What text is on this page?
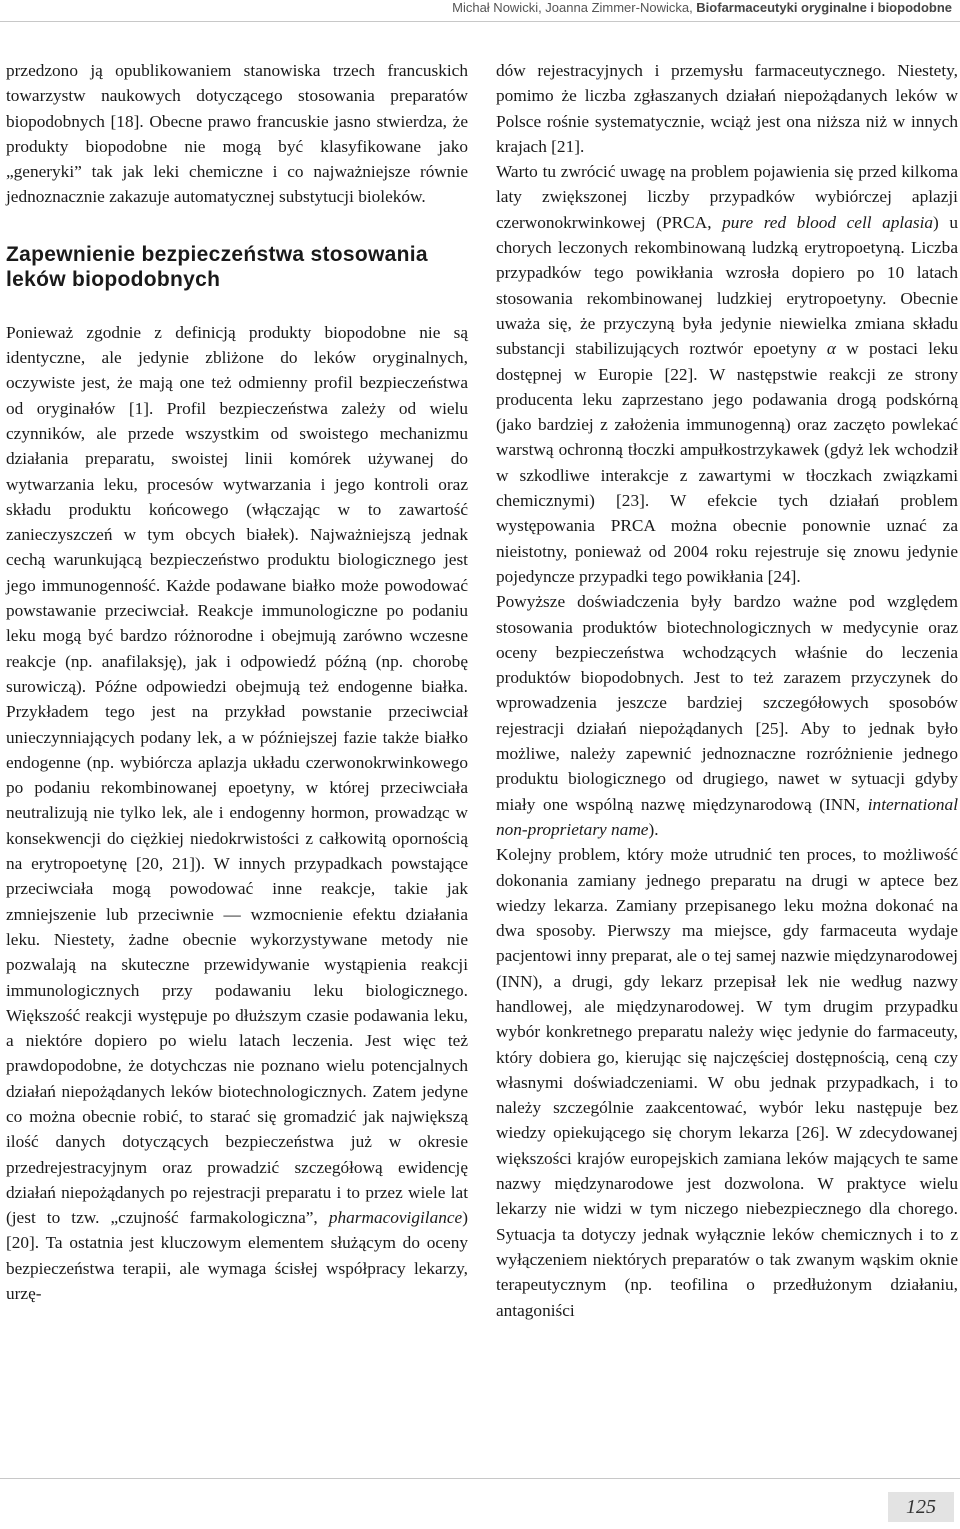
Michał Nowicki, Joanna Zimmer-Nowicka, Biofarmaceutyki oryginalne i biopodobne

przedzono ją opublikowaniem stanowiska trzech francuskich towarzystw naukowych dotyczącego stosowania preparatów biopodobnych [18]. Obecne prawo francuskie jasno stwierdza, że produkty biopodobne nie mogą być klasyfikowane jako „generyki” tak jak leki chemiczne i co najważniejsze równie jednoznacznie zakazuje automatycznej substytucji bioleków.

Zapewnienie bezpieczeństwa stosowania leków biopodobnych

Ponieważ zgodnie z definicją produkty biopodobne nie są identyczne, ale jedynie zbliżone do leków oryginalnych, oczywiste jest, że mają one też odmienny profil bezpieczeństwa od oryginałów [1]. Profil bezpieczeństwa zależy od wielu czynników, ale przede wszystkim od swoistego mechanizmu działania preparatu, swoistej linii komórek używanej do wytwarzania leku, procesów wytwarzania i jego kontroli oraz składu produktu końcowego (włączając w to zawartość zanieczyszczeń w tym obcych białek). Najważniejszą jednak cechą warunkującą bezpieczeństwo produktu biologicznego jest jego immunogenność. Każde podawane białko może powodować powstawanie przeciwciał. Reakcje immunologiczne po podaniu leku mogą być bardzo różnorodne i obejmują zarówno wczesne reakcje (np. anafilaksję), jak i odpowiedź późną (np. chorobę surowiczą). Późne odpowiedzi obejmują też endogenne białka. Przykładem tego jest na przykład powstanie przeciwciał unieczynniających podany lek, a w późniejszej fazie także białko endogenne (np. wybiórcza aplazja układu czerwonokrwinkowego po podaniu rekombinowanej epoetyny, w której przeciwciała neutralizują nie tylko lek, ale i endogenny hormon, prowadząc w konsekwencji do ciężkiej niedokrwistości z całkowitą opornością na erytropoetynę [20, 21]). W innych przypadkach powstające przeciwciała mogą powodować inne reakcje, takie jak zmniejszenie lub przeciwnie — wzmocnienie efektu działania leku. Niestety, żadne obecnie wykorzystywane metody nie pozwalają na skuteczne przewidywanie wystąpienia reakcji immunologicznych przy podawaniu leku biologicznego. Większość reakcji występuje po dłuższym czasie podawania leku, a niektóre dopiero po wielu latach leczenia. Jest więc też prawdopodobne, że dotychczas nie poznano wielu potencjalnych działań niepożądanych leków biotechnologicznych. Zatem jedyne co można obecnie robić, to starać się gromadzić jak największą ilość danych dotyczących bezpieczeństwa już w okresie przedrejestracyjnym oraz prowadzić szczegółową ewidencję działań niepożądanych po rejestracji preparatu i to przez wiele lat (jest to tzw. „czujność farmakologiczna”, pharmacovigilance) [20]. Ta ostatnia jest kluczowym elementem służącym do oceny bezpieczeństwa terapii, ale wymaga ścisłej współpracy lekarzy, urzę-

dów rejestracyjnych i przemysłu farmaceutycznego. Niestety, pomimo że liczba zgłaszanych działań niepożądanych leków w Polsce rośnie systematycznie, wciąż jest ona niższa niż w innych krajach [21].

Warto tu zwrócić uwagę na problem pojawienia się przed kilkoma laty zwiększonej liczby przypadków wybiórczej aplazji czerwonokrwinkowej (PRCA, pure red blood cell aplasia) u chorych leczonych rekombinowaną ludzką erytropoetyną. Liczba przypadków tego powikłania wzrosła dopiero po 10 latach stosowania rekombinowanej ludzkiej erytropoetyny. Obecnie uważa się, że przyczyną była jedynie niewielka zmiana składu substancji stabilizujących roztwór epoetyny α w postaci leku dostępnej w Europie [22]. W następstwie reakcji ze strony producenta leku zaprzestano jego podawania drogą podskórną (jako bardziej z założenia immunogenną) oraz zaczęto powlekać warstwą ochronną tłoczki ampułkostrzykawek (gdyż lek wchodził w szkodliwe interakcje z zawartymi w tłoczkach związkami chemicznymi) [23]. W efekcie tych działań problem występowania PRCA można obecnie ponownie uznać za nieistotny, ponieważ od 2004 roku rejestruje się znowu jedynie pojedyncze przypadki tego powikłania [24].

Powyższe doświadczenia były bardzo ważne pod względem stosowania produktów biotechnologicznych w medycynie oraz oceny bezpieczeństwa wchodzących właśnie do leczenia produktów biopodobnych. Jest to też zarazem przyczynek do wprowadzenia jeszcze bardziej szczegółowych sposobów rejestracji działań niepożądanych [25]. Aby to jednak było możliwe, należy zapewnić jednoznaczne rozróżnienie jednego produktu biologicznego od drugiego, nawet w sytuacji gdyby miały one wspólną nazwę międzynarodową (INN, international non-proprietary name).

Kolejny problem, który może utrudnić ten proces, to możliwość dokonania zamiany jednego preparatu na drugi w aptece bez wiedzy lekarza. Zamiany przepisanego leku można dokonać na dwa sposoby. Pierwszy ma miejsce, gdy farmaceuta wydaje pacjentowi inny preparat, ale o tej samej nazwie międzynarodowej (INN), a drugi, gdy lekarz przepisał lek nie według nazwy handlowej, ale międzynarodowej. W tym drugim przypadku wybór konkretnego preparatu należy więc jedynie do farmaceuty, który dobiera go, kierując się najczęściej dostępnością, ceną czy własnymi doświadczeniami. W obu jednak przypadkach, i to należy szczególnie zaakcentować, wybór leku następuje bez wiedzy opiekującego się chorym lekarza [26]. W zdecydowanej większości krajów europejskich zamiana leków mających te same nazwy międzynarodowe jest dozwolona. W praktyce wielu lekarzy nie widzi w tym niczego niebezpiecznego dla chorego. Sytuacja ta dotyczy jednak wyłącznie leków chemicznych i to z wyłączeniem niektórych preparatów o tak zwanym wąskim oknie terapeutycznym (np. teofilina o przedłużonym działaniu, antagoniści

125
